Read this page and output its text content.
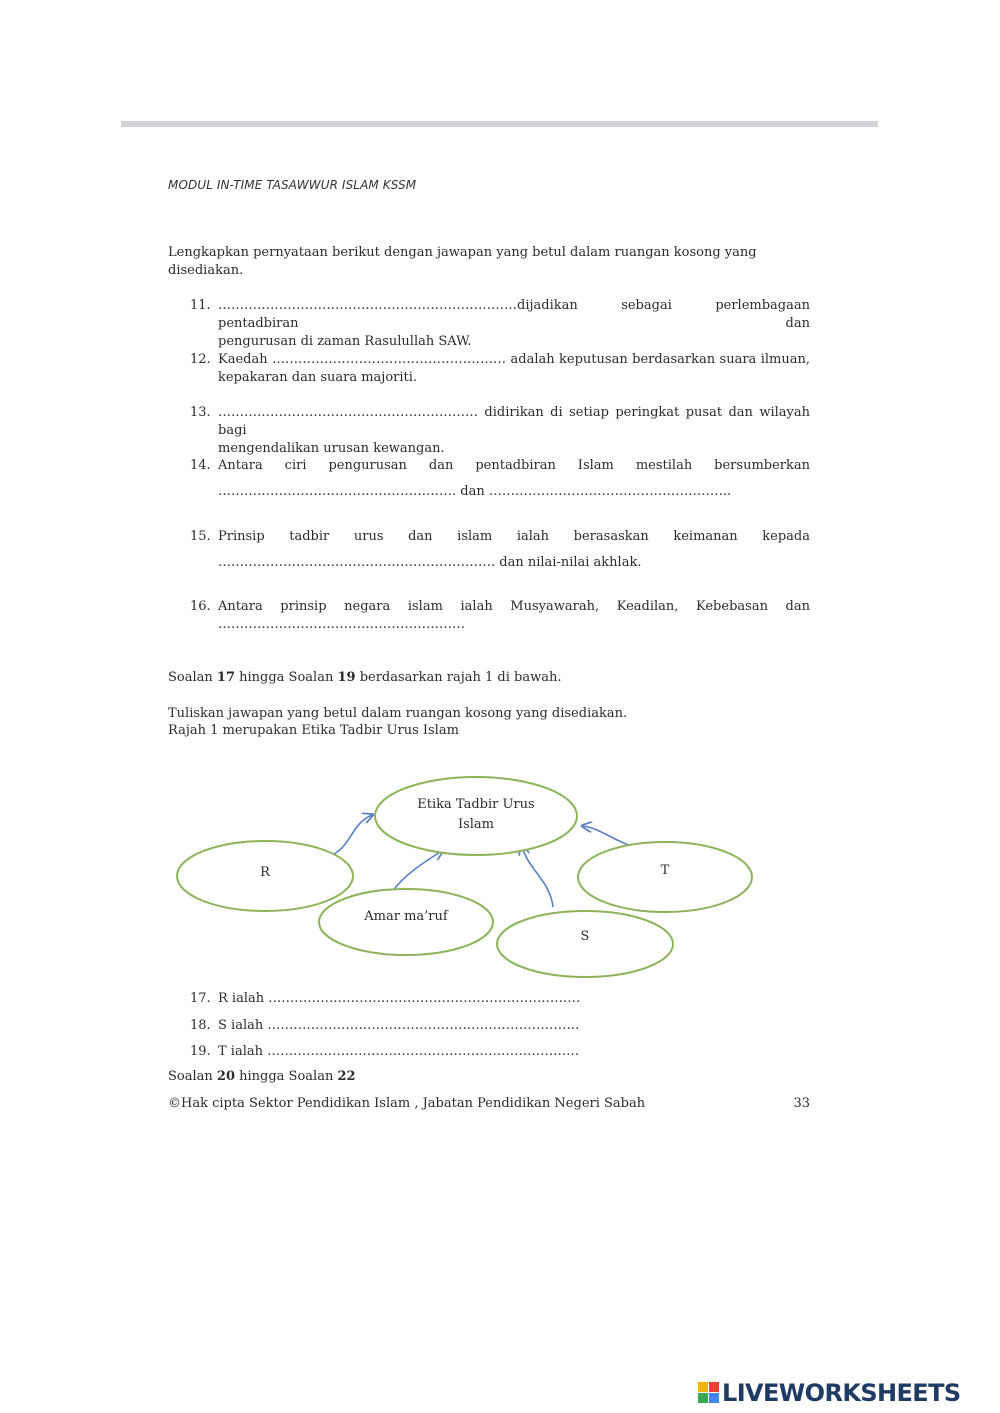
MODUL IN-TIME TASAWWUR ISLAM KSSM
Lengkapkan pernyataan berikut dengan jawapan yang betul dalam ruangan kosong yang disediakan.
11. ……………………………………………………………dijadikan sebagai perlembagaan pentadbiran dan
pengurusan di zaman Rasulullah SAW.
12. Kaedah ……………………………………………… adalah keputusan berdasarkan suara ilmuan,
kepakaran dan suara majoriti.
13. …………………………………………………… didirikan di setiap peringkat pusat dan wilayah bagi
mengendalikan urusan kewangan.
14. Antara ciri pengurusan dan pentadbiran Islam mestilah bersumberkan
………………………………………………. dan ………………………………………………..
15. Prinsip tadbir urus dan islam ialah berasaskan keimanan kepada
………………………………………………………. dan nilai-nilai akhlak.
16. Antara prinsip negara islam ialah Musyawarah, Keadilan, Kebebasan dan
…………………………………………………
Soalan 17 hingga Soalan 19 berdasarkan rajah 1 di bawah.
Tuliskan jawapan yang betul dalam ruangan kosong yang disediakan.
Rajah 1 merupakan Etika Tadbir Urus Islam
Etika Tadbir Urus
Islam
R	T
Amar ma’ruf
S
17. R ialah ………………………………………………………………
18. S ialah ………………………………………………………………
19. T ialah ………………………………………………………………
Soalan 20 hingga Soalan 22
©Hak cipta Sektor Pendidikan Islam , Jabatan Pendidikan Negeri Sabah	33
LIVEWORKSHEETS
